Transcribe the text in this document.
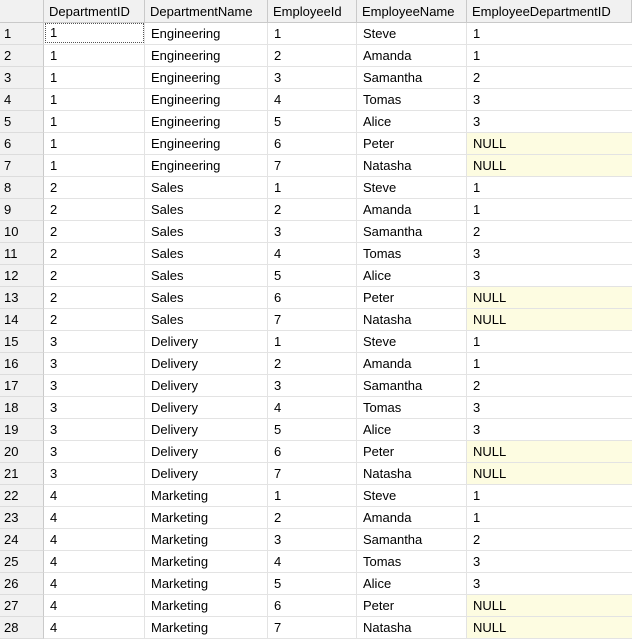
DepartmentID	DepartmentName	EmployeeId	EmployeeName	EmployeeDepartmentID
1	1	Engineering	1	Steve	1
2	1	Engineering	2	Amanda	1
3	1	Engineering	3	Samantha	2
4	1	Engineering	4	Tomas	3
5	1	Engineering	5	Alice	3
6	1	Engineering	6	Peter	NULL
7	1	Engineering	7	Natasha	NULL
8	2	Sales	1	Steve	1
9	2	Sales	2	Amanda	1
10	2	Sales	3	Samantha	2
11	2	Sales	4	Tomas	3
12	2	Sales	5	Alice	3
13	2	Sales	6	Peter	NULL
14	2	Sales	7	Natasha	NULL
15	3	Delivery	1	Steve	1
16	3	Delivery	2	Amanda	1
17	3	Delivery	3	Samantha	2
18	3	Delivery	4	Tomas	3
19	3	Delivery	5	Alice	3
20	3	Delivery	6	Peter	NULL
21	3	Delivery	7	Natasha	NULL
22	4	Marketing	1	Steve	1
23	4	Marketing	2	Amanda	1
24	4	Marketing	3	Samantha	2
25	4	Marketing	4	Tomas	3
26	4	Marketing	5	Alice	3
27	4	Marketing	6	Peter	NULL
28	4	Marketing	7	Natasha	NULL
